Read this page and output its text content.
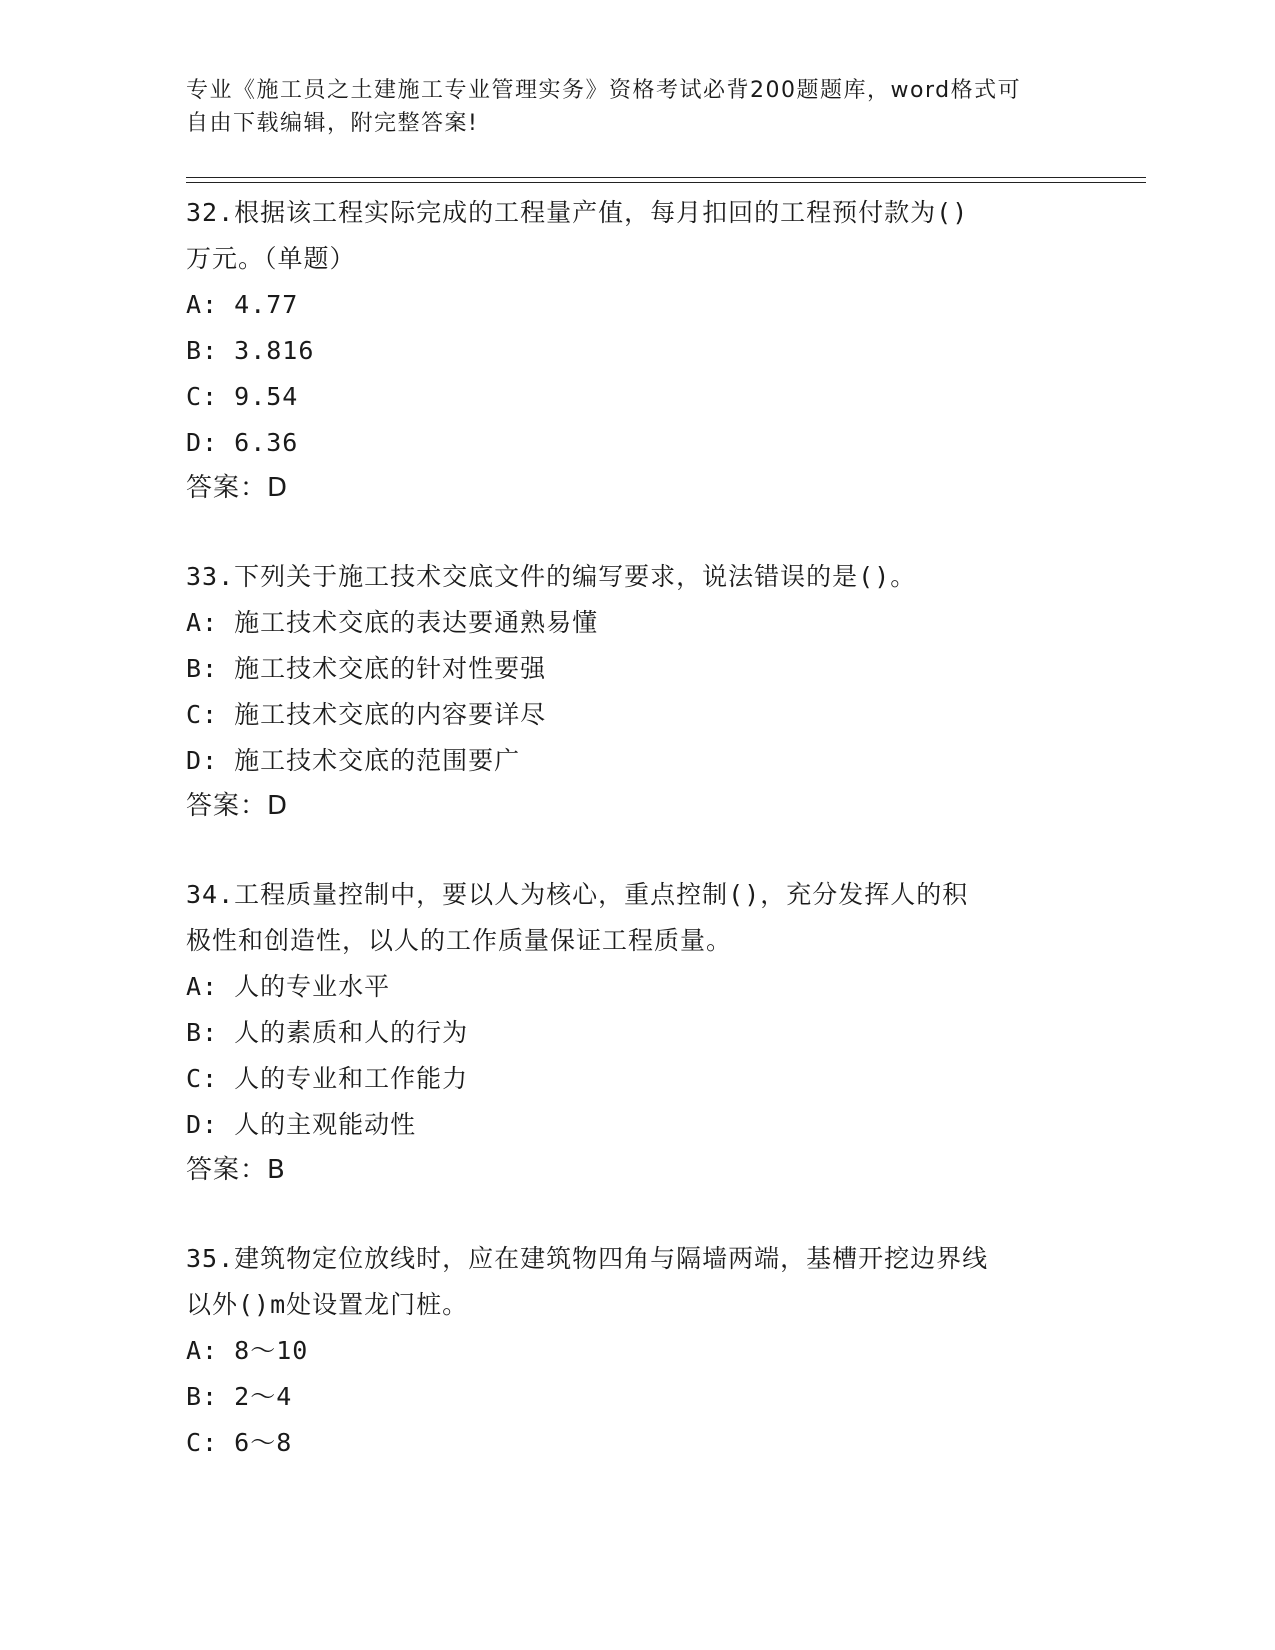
专业《施工员之土建施工专业管理实务》资格考试必背200题题库，word格式可
自由下载编辑，附完整答案!

32.根据该工程实际完成的工程量产值，每月扣回的工程预付款为()

万元。（单题）

A: 4.77

B: 3.816

C: 9.54

D: 6.36

答案：D

33.下列关于施工技术交底文件的编写要求，说法错误的是()。

A: 施工技术交底的表达要通熟易懂

B: 施工技术交底的针对性要强

C: 施工技术交底的内容要详尽

D: 施工技术交底的范围要广

答案：D

34.工程质量控制中，要以人为核心，重点控制()，充分发挥人的积

极性和创造性，以人的工作质量保证工程质量。

A: 人的专业水平

B: 人的素质和人的行为

C: 人的专业和工作能力

D: 人的主观能动性

答案：B

35.建筑物定位放线时，应在建筑物四角与隔墙两端，基槽开挖边界线

以外()m处设置龙门桩。

A: 8～10

B: 2～4

C: 6～8
